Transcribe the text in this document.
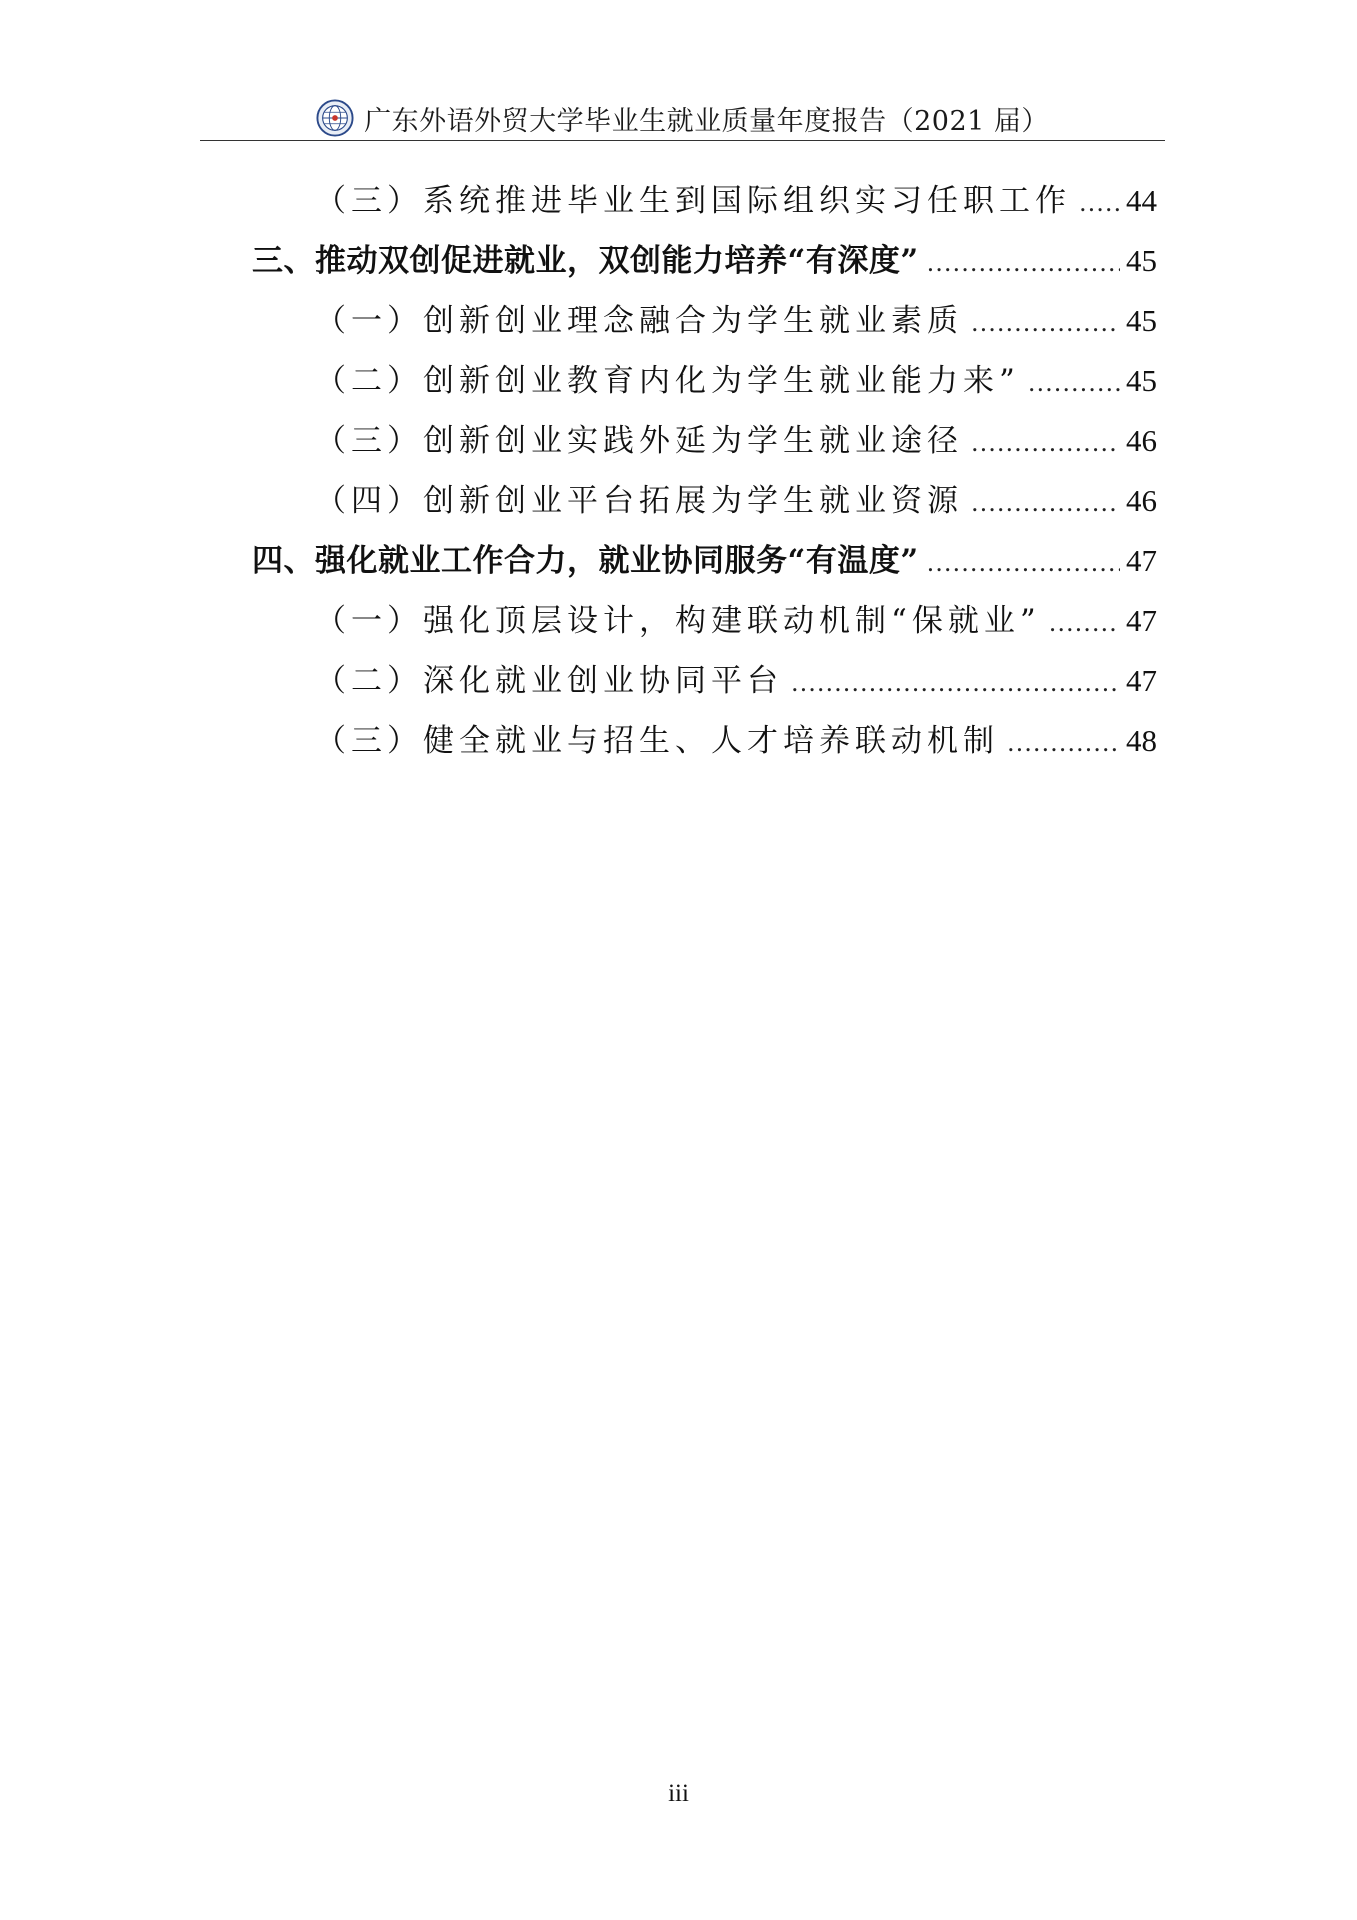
广东外语外贸大学毕业生就业质量年度报告（2021 届）
（三）系统推进毕业生到国际组织实习任职工作 ..... 44
三、推动双创促进就业，双创能力培养“有深度” .....	45
（一）创新创业理念融合为学生就业素质 .....	45
（二）创新创业教育内化为学生就业能力来” .....	45
（三）创新创业实践外延为学生就业途径 .....	46
（四）创新创业平台拓展为学生就业资源 .....	46
四、强化就业工作合力，就业协同服务“有温度” .....	47
（一）强化顶层设计，构建联动机制“保就业” .....	47
（二）深化就业创业协同平台 .....	47
（三）健全就业与招生、人才培养联动机制 .....	48
iii
